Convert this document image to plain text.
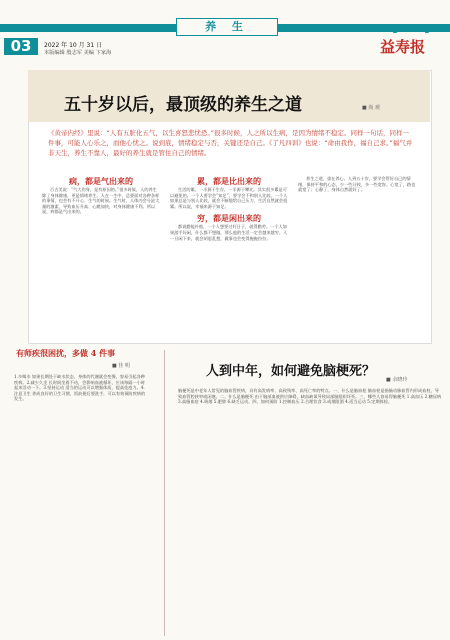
养 生	YangSheng
益寿报
03	2022 年 10 月 31 日
本版编辑 殷志军 美编 卞家海
五十岁以后，最顶级的养生之道	■ 尚 观
《黄帝内经》里说：“人有五脏化五气，以生喜怒悲忧恐。”很多时候，人之所以生病，是因为情绪不稳定。同样一句话，同样一件事，可能人心乐之，而他心忧之。说到底，情绪稳定与否，关键还是自己。《了凡四训》也说：“命由我作，福自己求。”福气并非天生，养生不靠人，最好的养生就是管住自己的情绪。
病，都是气出来的

百古美说：“气大伤身，是有原因的。”很多时候，人的养生除了身体健康，更是情绪养生。人在一生中，总要面对各种各样的事情，也会有不开心、生气的时候。生气时，人体内会分泌大量的激素，导致血压升高、心跳加快，对身体健康不利。所以说，病都是气出来的。

累，都是比出来的

生活的累，一半源于生存，一半源于攀比。其实很多累是可以避免的。一个人要学会“知足”，要学会不和别人比较。一个人如果总是与别人比较，就会不断地给自己压力，生活自然就会很累。所以说，幸福来源于知足。

穷，都是闲出来的

都说勤能补拙，一个人想要过好日子，就得勤劳。一个人如果游手好闲，什么都不想做，那么他的生活一定会越来越穷。人一旦闲下来，就会胡思乱想，做事也会变得拖拖拉拉。

养生之道，重在养心。人到五十岁，要学会管好自己的情绪，保持平和的心态，少一些计较，多一些宽容。心宽了，路也就宽了；心静了，身体自然就好了。

有师疾很困扰，多做 4 件事
■ 佳 明
1.多喝水 如果长期处于缺水状态，身体的代谢就会变慢，容易引起各种疾病。2.减少久坐 长时间坐着不动，会影响血液循环，应该每隔一小时起来活动一下。3.坚持运动 适当的运动可以增强体质，提高免疫力。4.注意卫生 养成良好的卫生习惯，饭前便后要洗手，可以有效预防疾病的发生。
人到中年，如何避免脑梗死？
■ 余晓玲
脑梗死是中老年人常见的脑血管疾病，具有高发病率、高致残率、高死亡率的特点。一、什么是脑血栓 脑血栓是指脑动脉血管内形成血栓，导致血管腔狭窄或闭塞。二、什么是脑梗死 由于脑部血液供应障碍，缺血缺氧导致局部脑组织坏死。三、哪些人容易得脑梗死 1.高血压 2.糖尿病 3.高脂血症 4.吸烟 5.肥胖 6.缺乏运动。四、如何预防 1.控制血压 2.合理饮食 3.戒烟限酒 4.适当运动 5.定期体检。
